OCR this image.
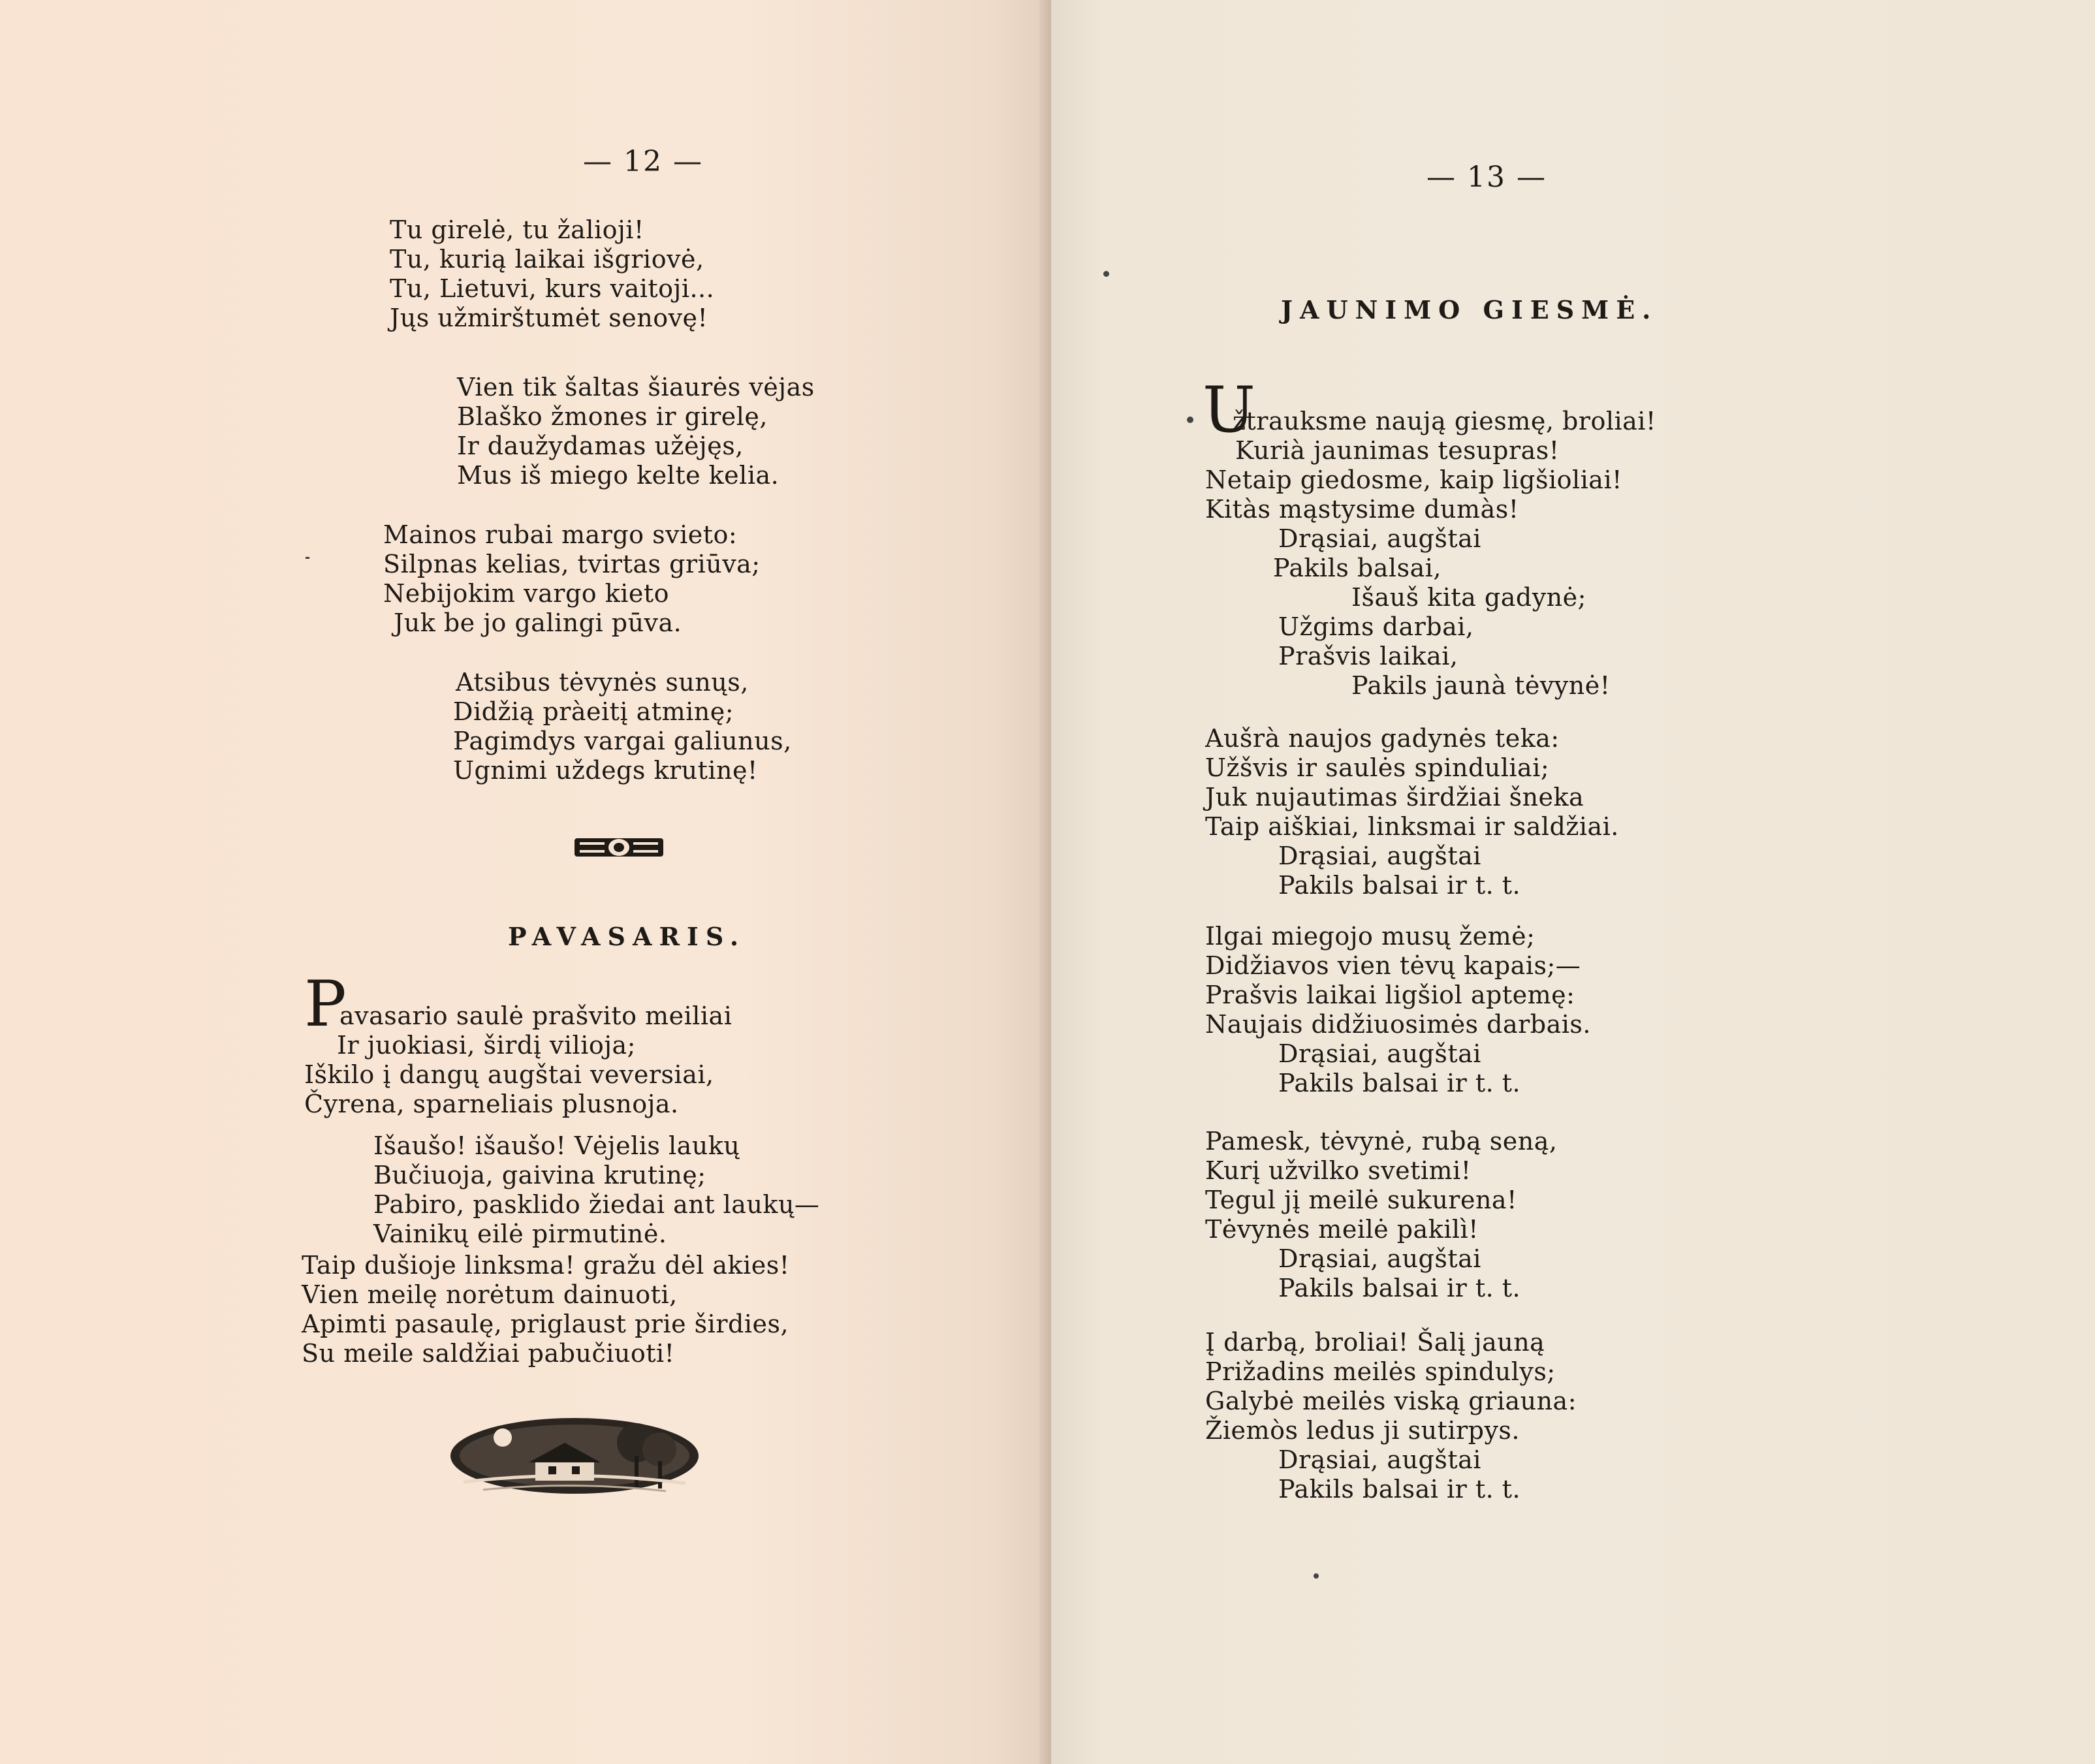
— 12 —
Tu girelė, tu žalioji!
Tu, kurią laikai išgriovė,
Tu, Lietuvi, kurs vaitoji...
Jųs užmirštumėt senovę!
Vien tik šaltas šiaurės vėjas
Blaško žmones ir girelę,
Ir daužydamas užėjęs,
Mus iš miego kelte kelia.
Mainos rubai margo svieto:
Silpnas kelias, tvirtas griūva;
Nebijokim vargo kieto
Juk be jo galingi pūva.
Atsibus tėvynės sunųs,
Didžią pràeitį atminę;
Pagimdys vargai galiunus,
Ugnimi uždegs krutinę!
PAVASARIS.
P
avasario saulė prašvito meiliai
Ir juokiasi, širdį vilioja;
Iškilo į dangų augštai veversiai,
Čyrena, sparneliais plusnoja.
Išaušo! išaušo! Vėjelis laukų
Bučiuoja, gaivina krutinę;
Pabiro, pasklido žiedai ant laukų—
Vainikų eilė pirmutinė.
Taip dušioje linksma! gražu dėl akies!
Vien meilę norėtum dainuoti,
Apimti pasaulę, priglaust prie širdies,
Su meile saldžiai pabučiuoti!
— 13 —
JAUNIMO GIESMĖ.
U
žtrauksme naują giesmę, broliai!
Kurià jaunimas tesupras!
Netaip giedosme, kaip ligšioliai!
Kitàs mąstysime dumàs!
Drąsiai, augštai
Pakils balsai,
Išauš kita gadynė;
Užgims darbai,
Prašvis laikai,
Pakils jaunà tėvynė!
Aušrà naujos gadynės teka:
Užšvis ir saulės spinduliai;
Juk nujautimas širdžiai šneka
Taip aiškiai, linksmai ir saldžiai.
Drąsiai, augštai
Pakils balsai ir t. t.
Ilgai miegojo musų žemė;
Didžiavos vien tėvų kapais;—
Prašvis laikai ligšiol aptemę:
Naujais didžiuosimės darbais.
Drąsiai, augštai
Pakils balsai ir t. t.
Pamesk, tėvynė, rubą seną,
Kurį užvilko svetimi!
Tegul jį meilė sukurena!
Tėvynės meilė pakilì!
Drąsiai, augštai
Pakils balsai ir t. t.
Į darbą, broliai! Šalį jauną
Prižadins meilės spindulys;
Galybė meilės viską griauna:
Žiemòs ledus ji sutirpys.
Drąsiai, augštai
Pakils balsai ir t. t.
